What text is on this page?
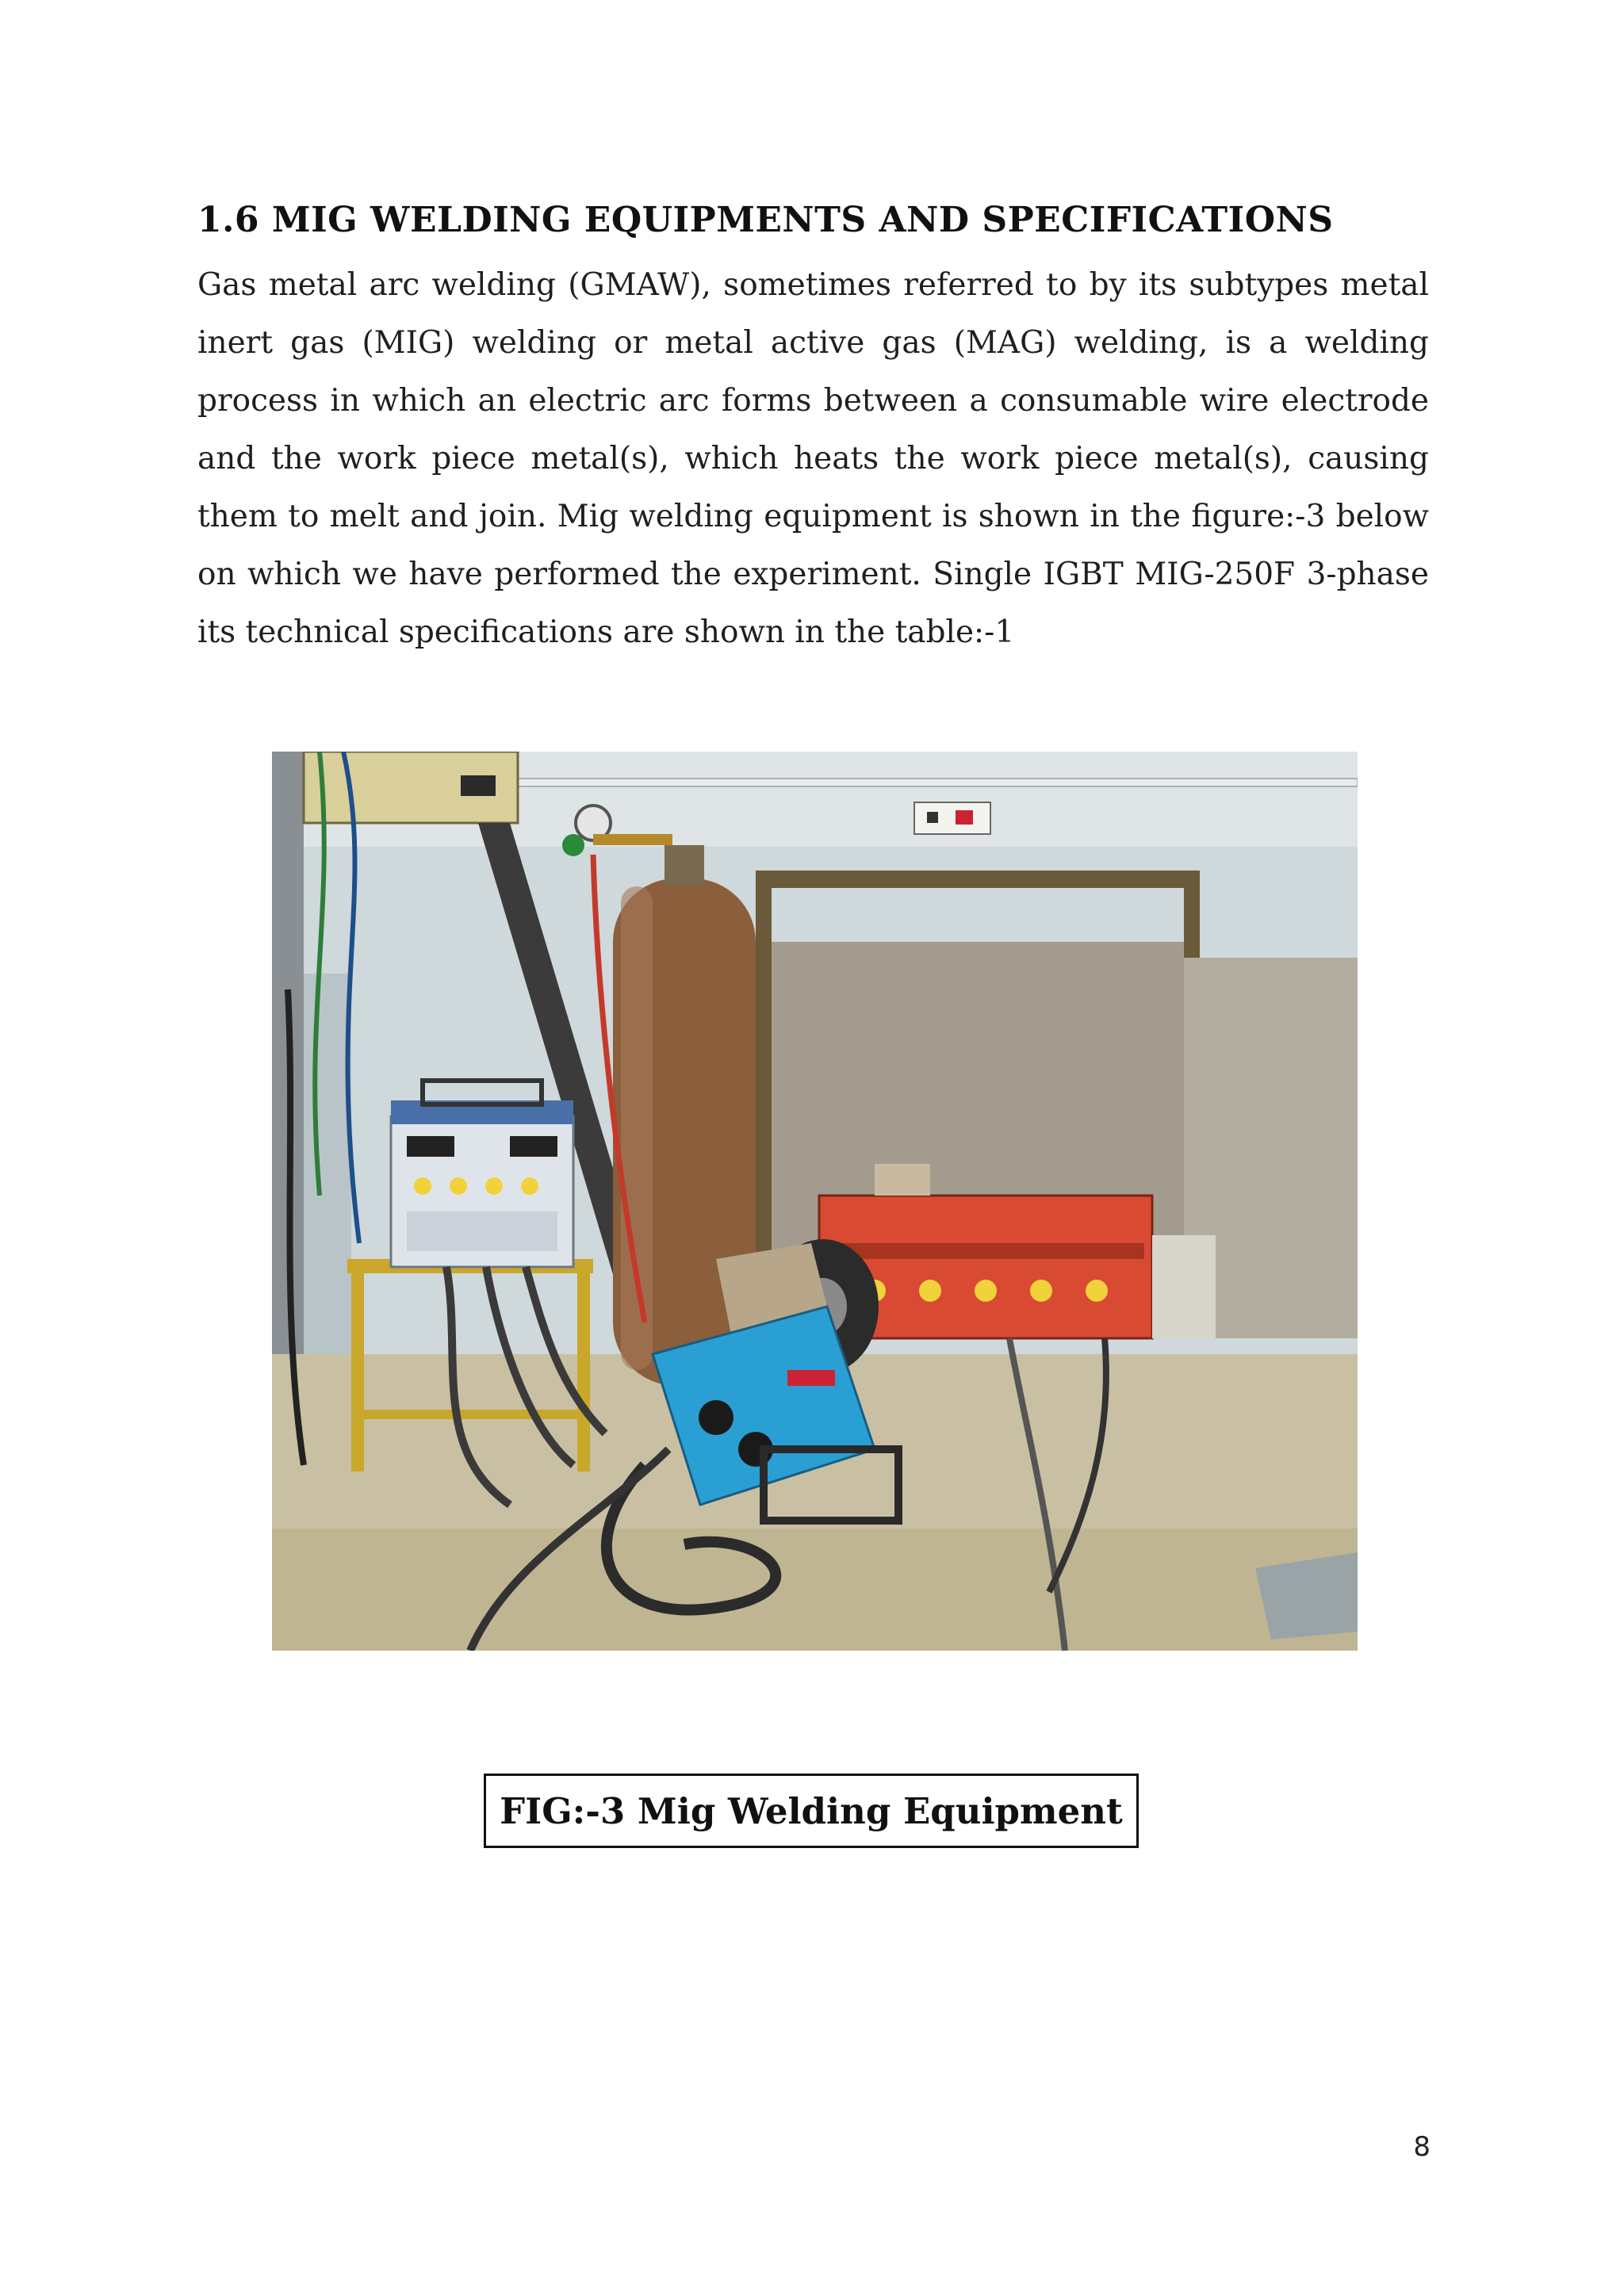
1.6 MIG WELDING EQUIPMENTS AND SPECIFICATIONS

Gas metal arc welding (GMAW), sometimes referred to by its subtypes metal inert gas (MIG) welding or metal active gas (MAG) welding, is a welding process in which an electric arc forms between a consumable wire electrode and the work piece metal(s), which heats the work piece metal(s), causing them to melt and join. Mig welding equipment is shown in the figure:-3 below on which we have performed the experiment. Single IGBT MIG-250F 3-phase its technical specifications are shown in the table:-1

FIG:-3 Mig Welding Equipment
8
